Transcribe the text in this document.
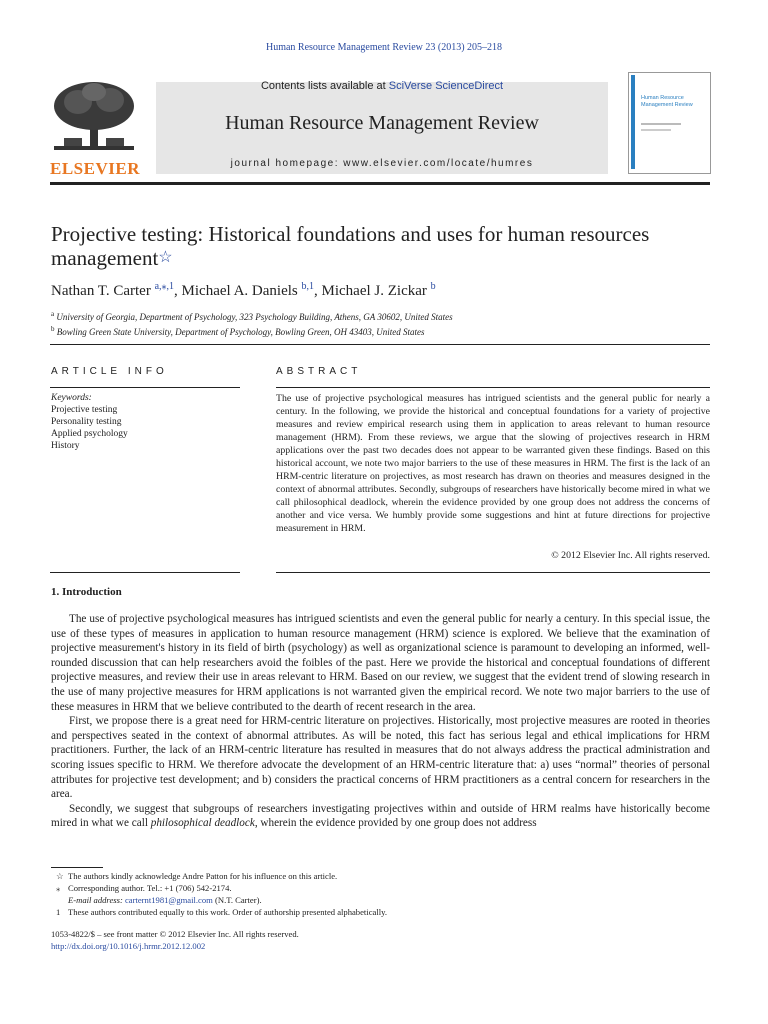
Human Resource Management Review 23 (2013) 205–218
ELSEVIER
Contents lists available at SciVerse ScienceDirect
Human Resource Management Review
journal homepage: www.elsevier.com/locate/humres
Human Resource Management Review
Projective testing: Historical foundations and uses for human resources management☆
Nathan T. Carter $^{a,⁎,1}$, Michael A. Daniels $^{b,1}$, Michael J. Zickar $^b$
$^a$ University of Georgia, Department of Psychology, 323 Psychology Building, Athens, GA 30602, United States
$^b$ Bowling Green State University, Department of Psychology, Bowling Green, OH 43403, United States
ARTICLE INFO	ABSTRACT
Keywords:
Projective testing
Personality testing
Applied psychology
History
The use of projective psychological measures has intrigued scientists and the general public for nearly a century. In the following, we provide the historical and conceptual foundations for a variety of projective measures and review empirical research using them in application to areas relevant to human resource management (HRM). From these reviews, we argue that the slowing of projectives research in HRM applications over the past two decades does not appear to be warranted given these findings. Based on this historical account, we note two major barriers to the use of these measures in HRM. The first is the lack of an HRM-centric literature on projectives, as most research has drawn on theories and measures designed in the context of abnormal attributes. Secondly, subgroups of researchers have historically become mired in what we call philosophical deadlock, wherein the evidence provided by one group does not address the concerns of another and vice versa. We humbly provide some suggestions and hint at future directions for projective measurement in HRM.
© 2012 Elsevier Inc. All rights reserved.
1. Introduction

The use of projective psychological measures has intrigued scientists and even the general public for nearly a century. In this special issue, the use of these types of measures in application to human resource management (HRM) science is explored. We believe that the examination of projective measurement's history in its field of birth (psychology) as well as organizational science is paramount to developing an informed, well-rounded discussion that can help researchers avoid the foibles of the past. Here we provide the historical and conceptual foundations of different projective measures, and review their use in areas relevant to HRM. Based on our review, we suggest that the evident trend of slowing research in the use of many projective measures for HRM applications is not warranted given the empirical record. We note two major barriers to the use of these measures in HRM that we believe contributed to the dearth of recent research in the area.

First, we propose there is a great need for HRM-centric literature on projectives. Historically, most projective measures are rooted in theories and perspectives seated in the context of abnormal attributes. As will be noted, this fact has serious legal and ethical implications for HRM practitioners. Further, the lack of an HRM-centric literature has resulted in measures that do not always address the practical administration and scoring issues specific to HRM. We therefore advocate the development of an HRM-centric literature that: a) uses “normal” theories of personal attributes for projective test development; and b) considers the practical concerns of HRM practitioners as a central concern for researchers in the area.

Secondly, we suggest that subgroups of researchers investigating projectives within and outside of HRM realms have historically become mired in what we call philosophical deadlock, wherein the evidence provided by one group does not address

☆ The authors kindly acknowledge Andre Patton for his influence on this article.
⁎ Corresponding author. Tel.: +1 (706) 542-2174.
E-mail address: carternt1981@gmail.com (N.T. Carter).
1 These authors contributed equally to this work. Order of authorship presented alphabetically.
1053-4822/$ – see front matter © 2012 Elsevier Inc. All rights reserved.
http://dx.doi.org/10.1016/j.hrmr.2012.12.002
